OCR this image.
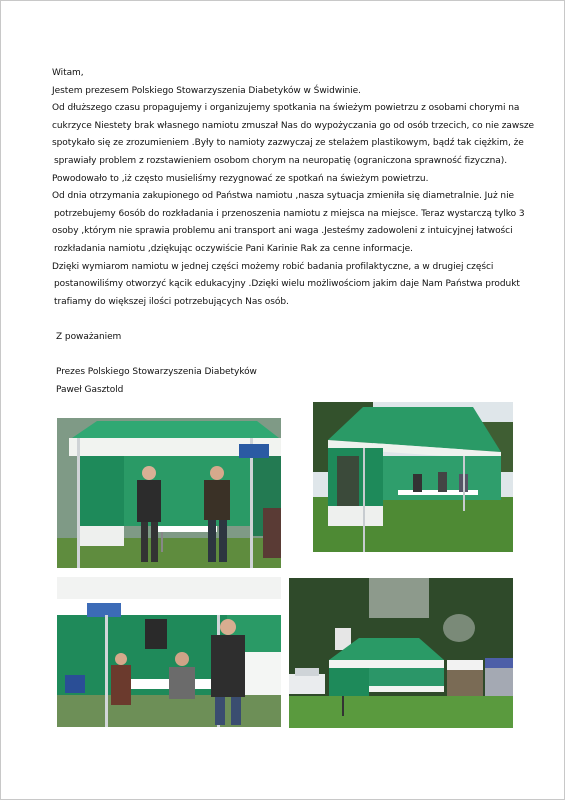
Witam,
Jestem prezesem Polskiego Stowarzyszenia Diabetyków w Świdwinie.
Od dłuższego czasu propagujemy i organizujemy spotkania na świeżym powietrzu z osobami chorymi na
cukrzyce Niestety brak własnego namiotu zmuszał Nas do wypożyczania go od osób trzecich, co nie zawsze
spotykało się ze zrozumieniem .Były to namioty zazwyczaj ze stelażem plastikowym, bądź tak ciężkim, że
sprawiały problem z rozstawieniem osobom chorym na neuropatię (ograniczona sprawność fizyczna).
Powodowało to ,iż często musieliśmy rezygnować ze spotkań na świeżym powietrzu.
Od dnia otrzymania zakupionego od Państwa namiotu ,nasza sytuacja zmieniła się diametralnie. Już nie
potrzebujemy 6osób do rozkładania i przenoszenia namiotu z miejsca na miejsce. Teraz wystarczą tylko 3
osoby ,którym nie sprawia problemu ani transport ani waga .Jesteśmy zadowoleni z intuicyjnej łatwości
rozkładania namiotu ,dziękując oczywiście Pani Karinie Rak za cenne informacje.
Dzięki wymiarom namiotu w jednej części możemy robić badania profilaktyczne, a w drugiej części
postanowiliśmy otworzyć kącik edukacyjny .Dzięki wielu możliwościom jakim daje Nam Państwa produkt
trafiamy do większej ilości potrzebujących Nas osób.
Z poważaniem
Prezes Polskiego Stowarzyszenia Diabetyków
Paweł Gasztold
